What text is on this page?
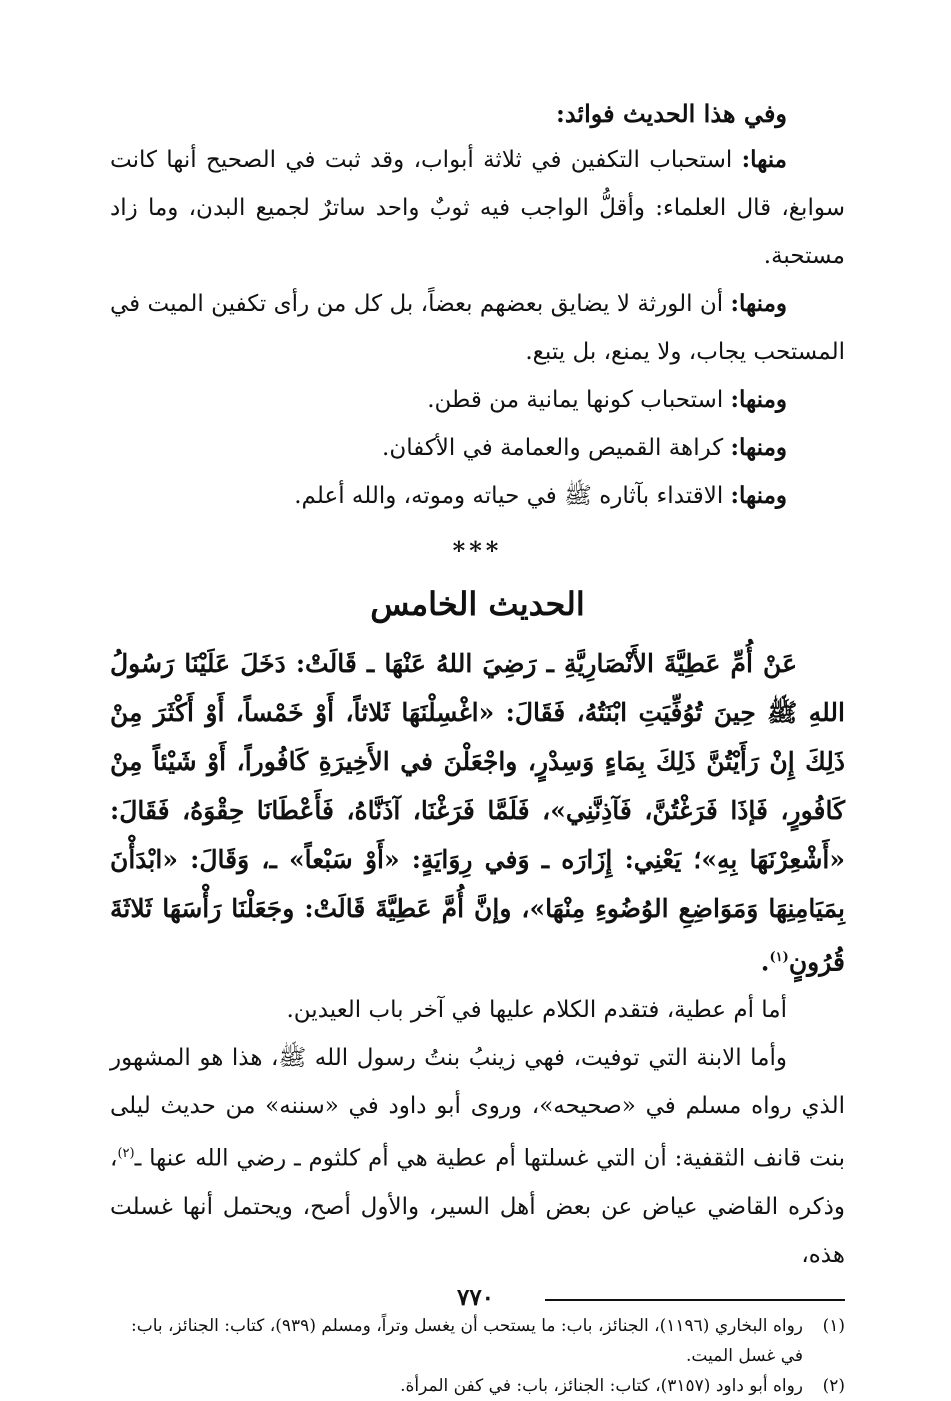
وفي هذا الحديث فوائد:

منها: استحباب التكفين في ثلاثة أبواب، وقد ثبت في الصحيح أنها كانت سوابغ، قال العلماء: وأقلُّ الواجب فيه ثوبٌ واحد ساترٌ لجميع البدن، وما زاد مستحبة.

ومنها: أن الورثة لا يضايق بعضهم بعضاً، بل كل من رأى تكفين الميت في المستحب يجاب، ولا يمنع، بل يتبع.

ومنها: استحباب كونها يمانية من قطن.

ومنها: كراهة القميص والعمامة في الأكفان.

ومنها: الاقتداء بآثاره ﷺ في حياته وموته، والله أعلم.

***
الحديث الخامس

عَنْ أُمِّ عَطِيَّةَ الأَنْصَارِيَّةِ ـ رَضِيَ اللهُ عَنْهَا ـ قَالَتْ: دَخَلَ عَلَيْنَا رَسُولُ اللهِ ﷺ حِينَ تُوُفِّيَتِ ابْنَتُهُ، فَقَالَ: «اغْسِلْنَهَا ثَلاثاً، أَوْ خَمْساً، أَوْ أَكْثَرَ مِنْ ذَلِكَ إِنْ رَأَيْتُنَّ ذَلِكَ بِمَاءٍ وَسِدْرٍ، واجْعَلْنَ في الأَخِيرَةِ كَافُوراً، أَوْ شَيْئاً مِنْ كَافُورٍ، فَإذَا فَرَغْتُنَّ، فَآذِنَّنِي»، فَلَمَّا فَرَغْنَا، آذَنَّاهُ، فَأَعْطَانَا حِقْوَهُ، فَقَالَ: «أَشْعِرْنَهَا بِهِ»؛ يَعْنِي: إِزَارَه ـ وَفي رِوَايَةٍ: «أَوْ سَبْعاً» ـ، وَقَالَ: «ابْدَأْنَ بِمَيَامِنِهَا وَمَوَاضِعِ الوُضُوءِ مِنْهَا»، وإنَّ أُمَّ عَطِيَّةَ قَالَتْ: وجَعَلْنَا رَأْسَهَا ثَلاثَةَ قُرُونٍ$^{(١)}$.

أما أم عطية، فتقدم الكلام عليها في آخر باب العيدين.

وأما الابنة التي توفيت، فهي زينبُ بنتُ رسول الله ﷺ، هذا هو المشهور الذي رواه مسلم في «صحيحه»، وروى أبو داود في «سننه» من حديث ليلى بنت قانف الثقفية: أن التي غسلتها أم عطية هي أم كلثوم ـ رضي الله عنها ـ$^{(٢)}$، وذكره القاضي عياض عن بعض أهل السير، والأول أصح، ويحتمل أنها غسلت هذه،

(١)
رواه البخاري (١١٩٦)، الجنائز، باب: ما يستحب أن يغسل وتراً، ومسلم (٩٣٩)، كتاب: الجنائز، باب: في غسل الميت.
(٢)
رواه أبو داود (٣١٥٧)، كتاب: الجنائز، باب: في كفن المرأة.
٧٧٠
